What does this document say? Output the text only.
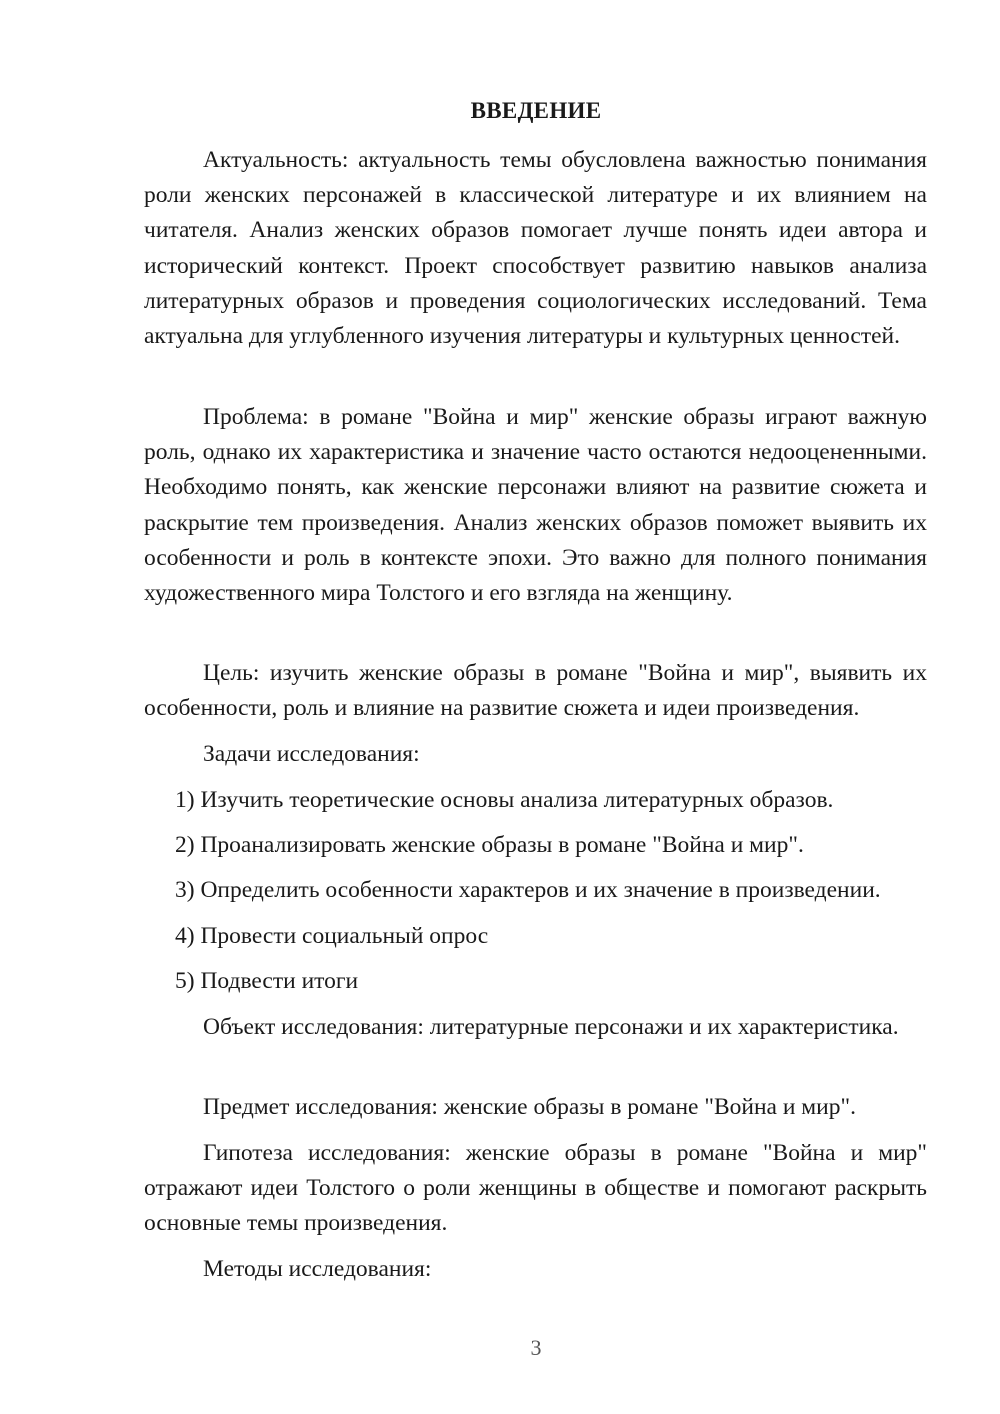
ВВЕДЕНИЕ

Актуальность: актуальность темы обусловлена важностью понимания роли женских персонажей в классической литературе и их влиянием на читателя. Анализ женских образов помогает лучше понять идеи автора и исторический контекст. Проект способствует развитию навыков анализа литературных образов и проведения социологических исследований. Тема актуальна для углубленного изучения литературы и культурных ценностей.

Проблема: в романе "Война и мир" женские образы играют важную роль, однако их характеристика и значение часто остаются недооцененными. Необходимо понять, как женские персонажи влияют на развитие сюжета и раскрытие тем произведения. Анализ женских образов поможет выявить их особенности и роль в контексте эпохи. Это важно для полного понимания художественного мира Толстого и его взгляда на женщину.

Цель: изучить женские образы в романе "Война и мир", выявить их особенности, роль и влияние на развитие сюжета и идеи произведения.

Задачи исследования:

1) Изучить теоретические основы анализа литературных образов.

2) Проанализировать женские образы в романе "Война и мир".

3) Определить особенности характеров и их значение в произведении.

4) Провести социальный опрос

5) Подвести итоги

Объект исследования: литературные персонажи и их характеристика.

Предмет исследования: женские образы в романе "Война и мир".

Гипотеза исследования: женские образы в романе "Война и мир" отражают идеи Толстого о роли женщины в обществе и помогают раскрыть основные темы произведения.

Методы исследования:

3
